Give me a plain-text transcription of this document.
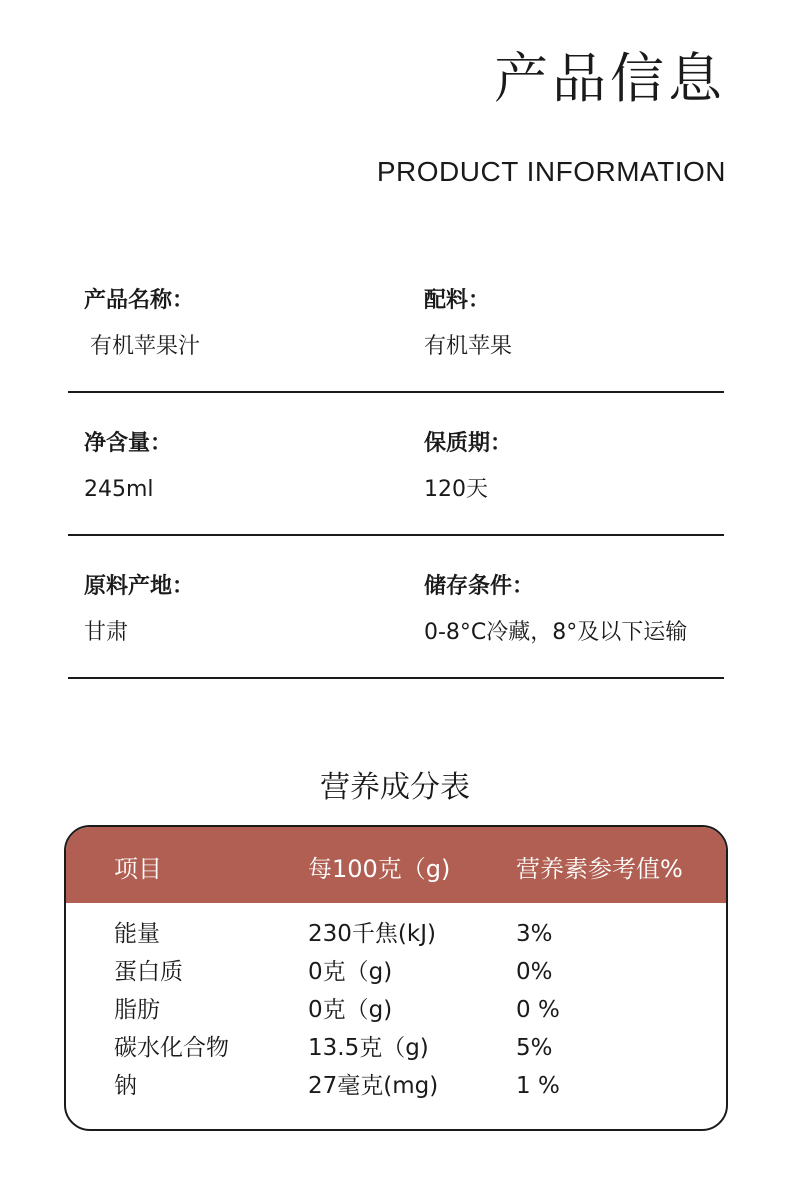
产品信息
PRODUCT INFORMATION
产品名称：
有机苹果汁
配料：
有机苹果
净含量：
245ml
保质期：
120天
原料产地：
甘肃
储存条件：
0-8°C冷藏，8°及以下运输
营养成分表
项目	每100克（g)	营养素参考值%
能量	230千焦(kJ)	3%
蛋白质	0克（g)	0%
脂肪	0克（g)	0 %
碳水化合物	13.5克（g)	5%
钠	27毫克(mg)	1 %
